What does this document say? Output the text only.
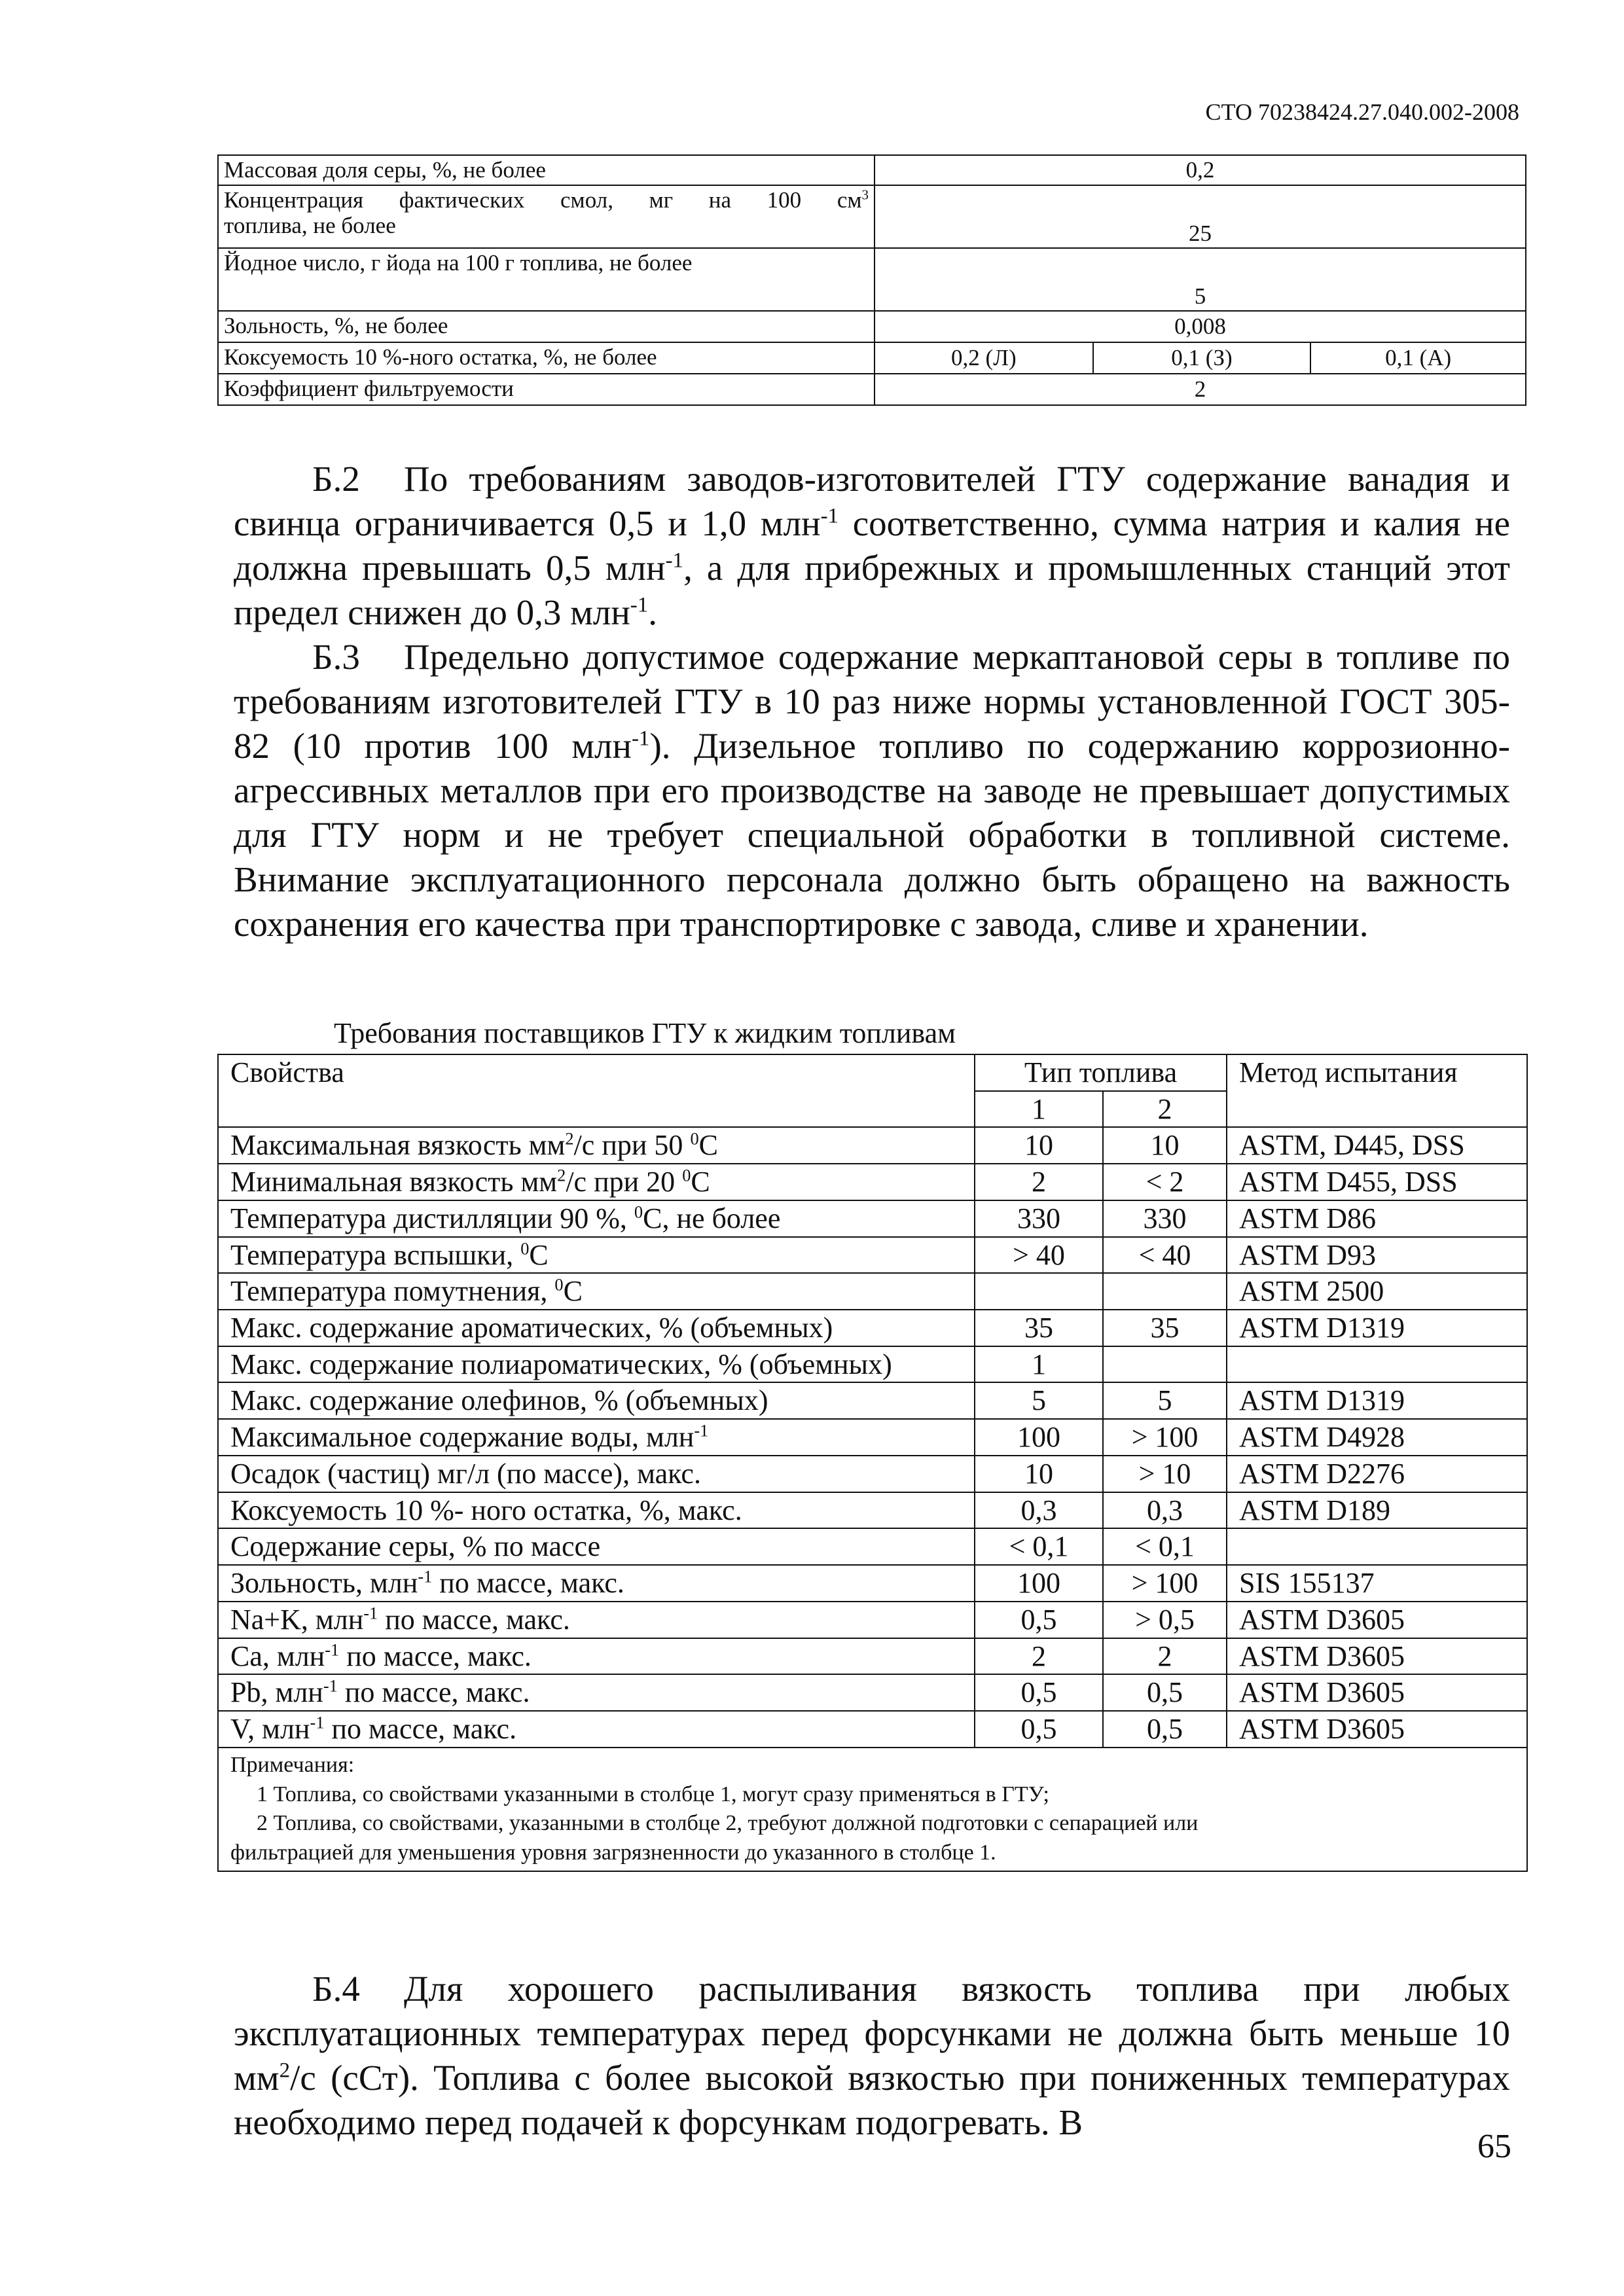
СТО 70238424.27.040.002-2008
Массовая доля серы, %, не более	0,2		

Концентрация фактических смол, мг на 100 $см^3$
топлива, не более	25		
Йодное число, г йода на 100 г топлива, не более	5		
Зольность, %, не более	0,008		
Коксуемость 10 %-ного остатка, %, не более	0,2 (Л)	0,1 (З)	0,1 (А)
Коэффициент фильтруемости	2		

Б.2 По требованиям заводов-изготовителей ГТУ содержание ванадия и свинца ограничивается 0,5 и 1,0 млн$^{-1}$ соответственно, сумма натрия и калия не должна превышать 0,5 млн$^{-1}$, а для прибрежных и промышленных станций этот предел снижен до 0,3 млн$^{-1}$.

Б.3 Предельно допустимое содержание меркаптановой серы в топливе по требованиям изготовителей ГТУ в 10 раз ниже нормы установленной ГОСТ 305-82 (10 против 100 млн$^{-1}$). Дизельное топливо по содержанию коррозионно-агрессивных металлов при его производстве на заводе не превышает допустимых для ГТУ норм и не требует специальной обработки в топливной системе. Внимание эксплуатационного персонала должно быть обращено на важность сохранения его качества при транспортировке с завода, сливе и хранении.

Требования поставщиков ГТУ к жидким топливам
Свойства	Тип топлива		Метод испытания
	1	2	
Максимальная вязкость $мм^2/с$ при 50 $^0$С	10	10	ASTM, D445, DSS
Минимальная вязкость $мм^2/с$ при 20 $^0$С	2	< 2	ASTM D455, DSS
Температура дистилляции 90 %, $^0$С, не более	330	330	ASTM D86
Температура вспышки, $^0$С	> 40	< 40	ASTM D93
Температура помутнения, $^0$С			ASTM 2500
Макс. содержание ароматических, % (объемных)	35	35	ASTM D1319
Макс. содержание полиароматических, % (объемных)	1		
Макс. содержание олефинов, % (объемных)	5	5	ASTM D1319
Максимальное содержание воды, млн$^{-1}$	100	> 100	ASTM D4928
Осадок (частиц) мг/л (по массе), макс.	10	> 10	ASTM D2276
Коксуемость 10 %- ного остатка, %, макс.	0,3	0,3	ASTM D189
Содержание серы, % по массе	< 0,1	< 0,1	
Зольность, млн$^{-1}$ по массе, макс.	100	> 100	SIS 155137
Na+K, млн$^{-1}$ по массе, макс.	0,5	> 0,5	ASTM D3605
Ca, млн$^{-1}$ по массе, макс.	2	2	ASTM D3605
Pb, млн$^{-1}$ по массе, макс.	0,5	0,5	ASTM D3605
V, млн$^{-1}$ по массе, макс.	0,5	0,5	ASTM D3605

Примечания:
1 Топлива, со свойствами указанными в столбце 1, могут сразу применяться в ГТУ;
2 Топлива, со свойствами, указанными в столбце 2, требуют должной подготовки с сепарацией или
фильтрацией для уменьшения уровня загрязненности до указанного в столбце 1.			

Б.4 Для хорошего распыливания вязкость топлива при любых эксплуатационных температурах перед форсунками не должна быть меньше 10 $мм^2/с$ (сСт). Топлива с более высокой вязкостью при пониженных температурах необходимо перед подачей к форсункам подогревать. В

65
